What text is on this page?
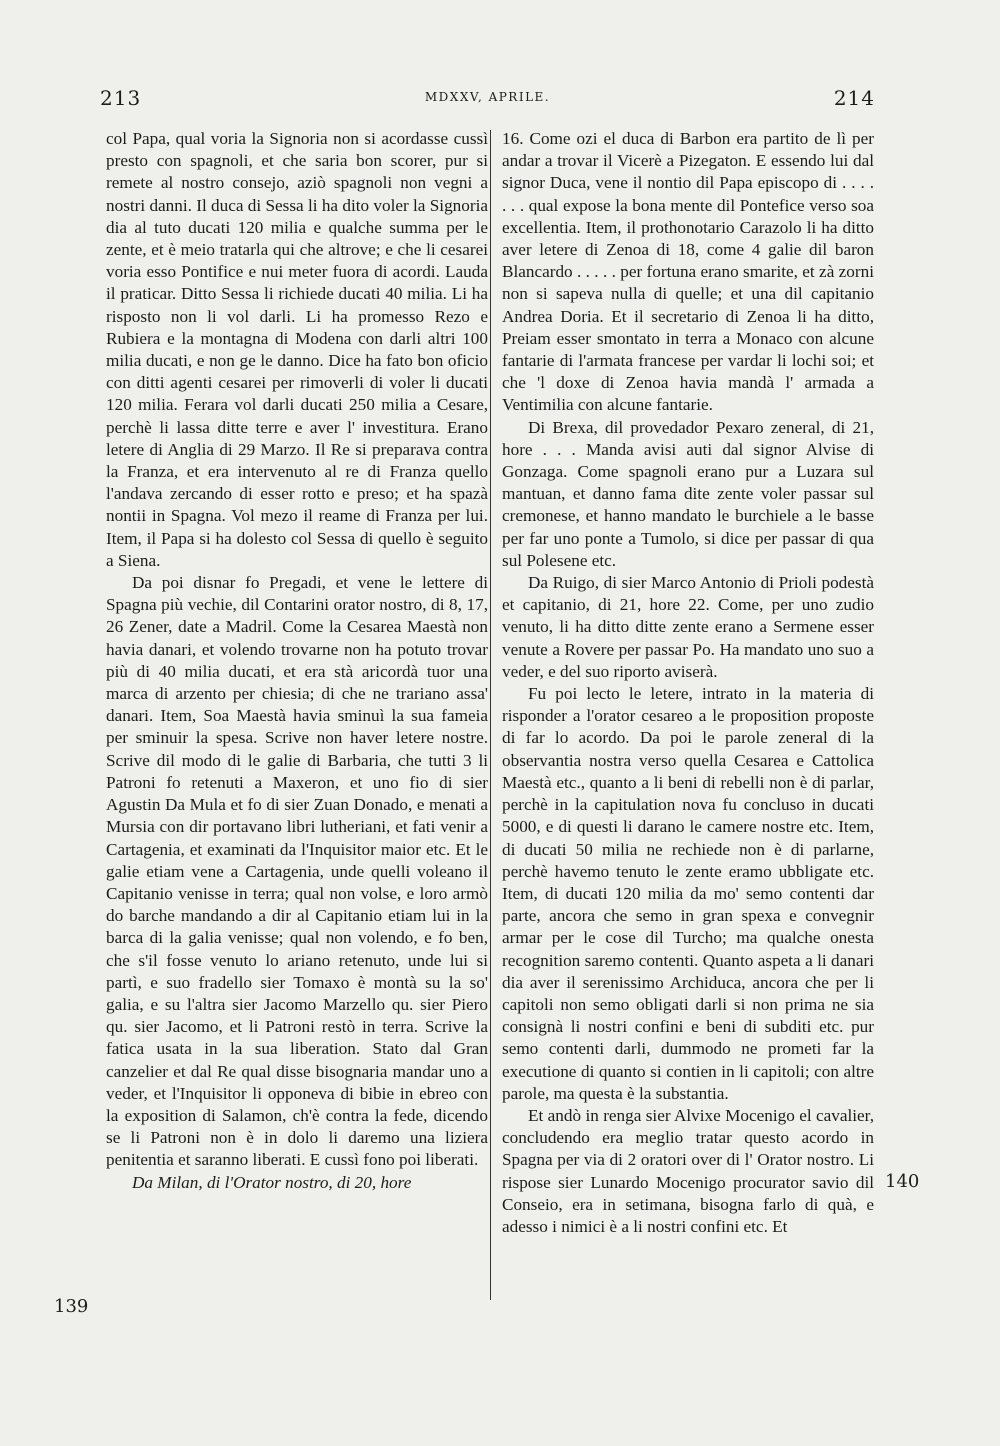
213	MDXXV, APRILE.	214

col Papa, qual voria la Signoria non si acordasse cussì presto con spagnoli, et che saria bon scorer, pur si remete al nostro consejo, aziò spagnoli non vegni a nostri danni. Il duca di Sessa li ha dito voler la Signoria dia al tuto ducati 120 milia e qualche summa per le zente, et è meio tratarla qui che altrove; e che li cesarei voria esso Pontifice e nui meter fuora di acordi. Lauda il praticar. Ditto Sessa li richiede ducati 40 milia. Li ha risposto non li vol darli. Li ha promesso Rezo e Rubiera e la montagna di Modena con darli altri 100 milia ducati, e non ge le danno. Dice ha fato bon oficio con ditti agenti cesarei per rimoverli di voler li ducati 120 milia. Ferara vol darli ducati 250 milia a Cesare, perchè li lassa ditte terre e aver l' investitura. Erano letere di Anglia di 29 Marzo. Il Re si preparava contra la Franza, et era intervenuto al re di Franza quello l'andava zercando di esser rotto e preso; et ha spazà nontii in Spagna. Vol mezo il reame di Franza per lui. Item, il Papa si ha dolesto col Sessa di quello è seguito a Siena.

Da poi disnar fo Pregadi, et vene le lettere di Spagna più vechie, dil Contarini orator nostro, di 8, 17, 26 Zener, date a Madril. Come la Cesarea Maestà non havia danari, et volendo trovarne non ha potuto trovar più di 40 milia ducati, et era stà aricordà tuor una marca di arzento per chiesia; di che ne trariano assa' danari. Item, Soa Maestà havia sminuì la sua fameia per sminuir la spesa. Scrive non haver letere nostre. Scrive dil modo di le galie di Barbaria, che tutti 3 li Patroni fo retenuti a Maxeron, et uno fio di sier Agustin Da Mula et fo di sier Zuan Donado, e menati a Mursia con dir portavano libri lutheriani, et fati venir a Cartagenia, et examinati da l'Inquisitor maior etc. Et le galie etiam vene a Cartagenia, unde quelli voleano il Capitanio venisse in terra; qual non volse, e loro armò do barche mandando a dir al Capitanio etiam lui in la barca di la galia venisse; qual non volendo, e fo ben, che s'il fosse venuto lo ariano retenuto, unde lui si partì, e suo fradello sier Tomaxo è montà su la so' galia, e su l'altra sier Jacomo Marzello qu. sier Piero qu. sier Jacomo, et li Patroni restò in terra. Scrive la fatica usata in la sua liberation. Stato dal Gran canzelier et dal Re qual disse bisognaria mandar uno a veder, et l'Inquisitor li opponeva di bibie in ebreo con la exposition di Salamon, ch'è contra la fede, dicendo se li Patroni non è in dolo li daremo una liziera penitentia et saranno liberati. E cussì fono poi liberati.

Da Milan, di l'Orator nostro, di 20, hore

16. Come ozi el duca di Barbon era partito de lì per andar a trovar il Vicerè a Pizegaton. E essendo lui dal signor Duca, vene il nontio dil Papa episcopo di . . . . . . . qual expose la bona mente dil Pontefice verso soa excellentia. Item, il prothonotario Carazolo li ha ditto aver letere di Zenoa di 18, come 4 galie dil baron Blancardo . . . . . per fortuna erano smarite, et zà zorni non si sapeva nulla di quelle; et una dil capitanio Andrea Doria. Et il secretario di Zenoa li ha ditto, Preiam esser smontato in terra a Monaco con alcune fantarie di l'armata francese per vardar li lochi soi; et che 'l doxe di Zenoa havia mandà l' armada a Ventimilia con alcune fantarie.

Di Brexa, dil provedador Pexaro zeneral, di 21, hore . . . Manda avisi auti dal signor Alvise di Gonzaga. Come spagnoli erano pur a Luzara sul mantuan, et danno fama dite zente voler passar sul cremonese, et hanno mandato le burchiele a le basse per far uno ponte a Tumolo, si dice per passar di qua sul Polesene etc.

Da Ruigo, di sier Marco Antonio di Prioli podestà et capitanio, di 21, hore 22. Come, per uno zudio venuto, li ha ditto ditte zente erano a Sermene esser venute a Rovere per passar Po. Ha mandato uno suo a veder, e del suo riporto aviserà.

Fu poi lecto le letere, intrato in la materia di risponder a l'orator cesareo a le proposition proposte di far lo acordo. Da poi le parole zeneral di la observantia nostra verso quella Cesarea e Cattolica Maestà etc., quanto a li beni di rebelli non è di parlar, perchè in la capitulation nova fu concluso in ducati 5000, e di questi li darano le camere nostre etc. Item, di ducati 50 milia ne rechiede non è di parlarne, perchè havemo tenuto le zente eramo ubbligate etc. Item, di ducati 120 milia da mo' semo contenti dar parte, ancora che semo in gran spexa e convegnir armar per le cose dil Turcho; ma qualche onesta recognition saremo contenti. Quanto aspeta a li danari dia aver il serenissimo Archiduca, ancora che per li capitoli non semo obligati darli si non prima ne sia consignà li nostri confini e beni di subditi etc. pur semo contenti darli, dummodo ne prometi far la executione di quanto si contien in li capitoli; con altre parole, ma questa è la substantia.

Et andò in renga sier Alvixe Mocenigo el cavalier, concludendo era meglio tratar questo acordo in Spagna per via di 2 oratori over di l' Orator nostro. Li rispose sier Lunardo Mocenigo procurator savio dil Conseio, era in setimana, bisogna farlo di quà, e adesso i nimici è a li nostri confini etc. Et

139
140
